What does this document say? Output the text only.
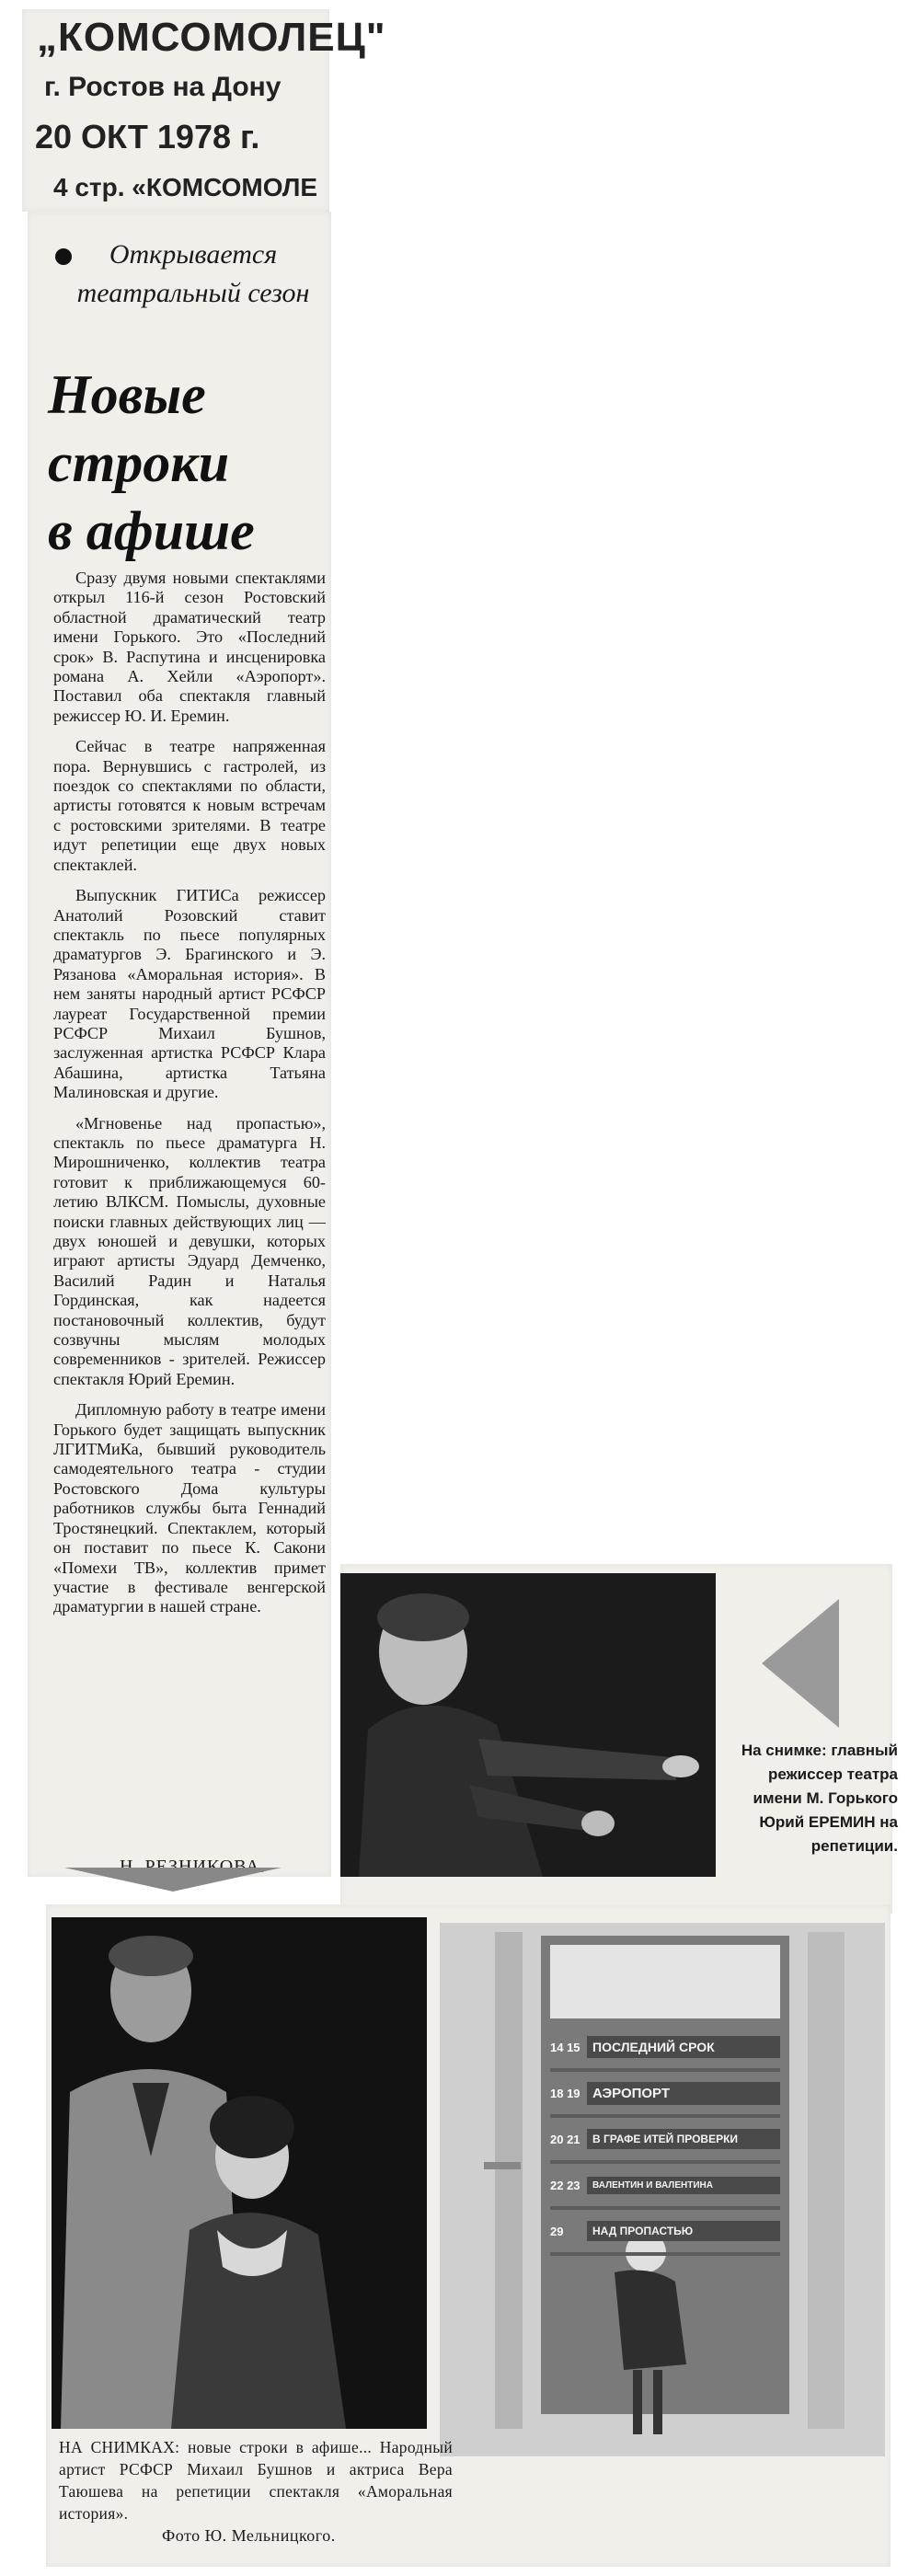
„КОМСОМОЛЕЦ"
г. Ростов на Дону
20 ОКТ 1978 г.
4 стр. «КОМСОМОЛЕ
Открывается театральный сезон
Новые
строки
в афише

Сразу двумя новыми спектаклями открыл 116-й сезон Ростовский областной драматический театр имени Горького. Это «Последний срок» В. Распутина и инсценировка романа А. Хейли «Аэропорт». Поставил оба спектакля главный режиссер Ю. И. Еремин.

Сейчас в театре напряженная пора. Вернувшись с гастролей, из поездок со спектаклями по области, артисты готовятся к новым встречам с ростовскими зрителями. В театре идут репетиции еще двух новых спектаклей.

Выпускник ГИТИСа режиссер Анатолий Розовский ставит спектакль по пьесе популярных драматургов Э. Брагинского и Э. Рязанова «Аморальная история». В нем заняты народный артист РСФСР лауреат Государственной премии РСФСР Михаил Бушнов, заслуженная артистка РСФСР Клара Абашина, артистка Татьяна Малиновская и другие.

«Мгновенье над пропастью», спектакль по пьесе драматурга Н. Мирошниченко, коллектив театра готовит к приближающемуся 60-летию ВЛКСМ. Помыслы, духовные поиски главных действующих лиц — двух юношей и девушки, которых играют артисты Эдуард Демченко, Василий Радин и Наталья Гординская, как надеется постановочный коллектив, будут созвучны мыслям молодых современников - зрителей. Режиссер спектакля Юрий Еремин.

Дипломную работу в театре имени Горького будет защищать выпускник ЛГИТМиКа, бывший руководитель самодеятельного театра - студии Ростовского Дома культуры работников службы быта Геннадий Тростянецкий. Спектаклем, который он поставит по пьесе К. Сакони «Помехи ТВ», коллектив примет участие в фестивале венгерской драматургии в нашей стране.

Н. РЕЗНИКОВА.
На снимке: главный режиссер театра имени М. Горького Юрий ЕРЕМИН на репетиции.
14 15 ПОСЛЕДНИЙ СРОК
18 19 АЭРОПОРТ
20 21	В ГРАФЕ ИТЕЙ ПРОВЕРКИ
22 23	ВАЛЕНТИН И ВАЛЕНТИНА
29	НАД ПРОПАСТЬЮ
НА СНИМКАХ: новые строки в афише... Народный артист РСФСР Михаил Бушнов и актриса Вера Таюшева на репетиции спектакля «Аморальная история».
Фото Ю. Мельницкого.
